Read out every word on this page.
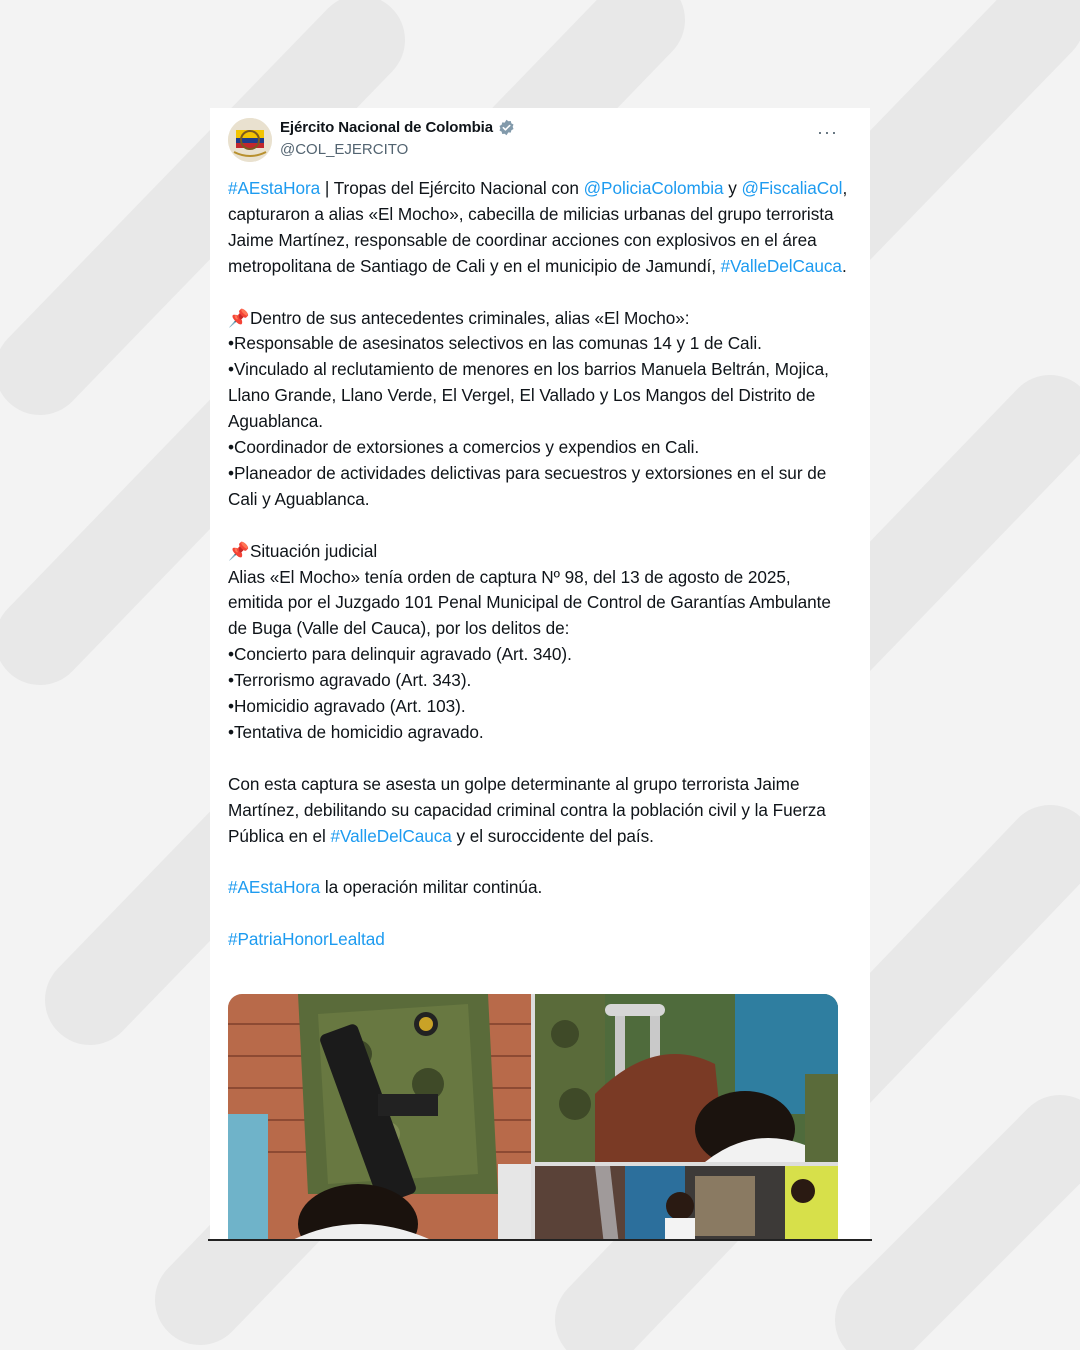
Ejército Nacional de Colombia
@COL_EJERCITO
···

#AEstaHora | Tropas del Ejército Nacional con @PoliciaColombia y @FiscaliaCol, capturaron a alias «El Mocho», cabecilla de milicias urbanas del grupo terrorista Jaime Martínez, responsable de coordinar acciones con explosivos en el área metropolitana de Santiago de Cali y en el municipio de Jamundí, #ValleDelCauca.

📌Dentro de sus antecedentes criminales, alias «El Mocho»:

•Responsable de asesinatos selectivos en las comunas 14 y 1 de Cali.

•Vinculado al reclutamiento de menores en los barrios Manuela Beltrán, Mojica, Llano Grande, Llano Verde, El Vergel, El Vallado y Los Mangos del Distrito de Aguablanca.

•Coordinador de extorsiones a comercios y expendios en Cali.

•Planeador de actividades delictivas para secuestros y extorsiones en el sur de Cali y Aguablanca.

📌Situación judicial

Alias «El Mocho» tenía orden de captura Nº 98, del 13 de agosto de 2025, emitida por el Juzgado 101 Penal Municipal de Control de Garantías Ambulante de Buga (Valle del Cauca), por los delitos de:

•Concierto para delinquir agravado (Art. 340).

•Terrorismo agravado (Art. 343).

•Homicidio agravado (Art. 103).

•Tentativa de homicidio agravado.

Con esta captura se asesta un golpe determinante al grupo terrorista Jaime Martínez, debilitando su capacidad criminal contra la población civil y la Fuerza Pública en el #ValleDelCauca y el suroccidente del país.

#AEstaHora la operación militar continúa.

#PatriaHonorLealtad
